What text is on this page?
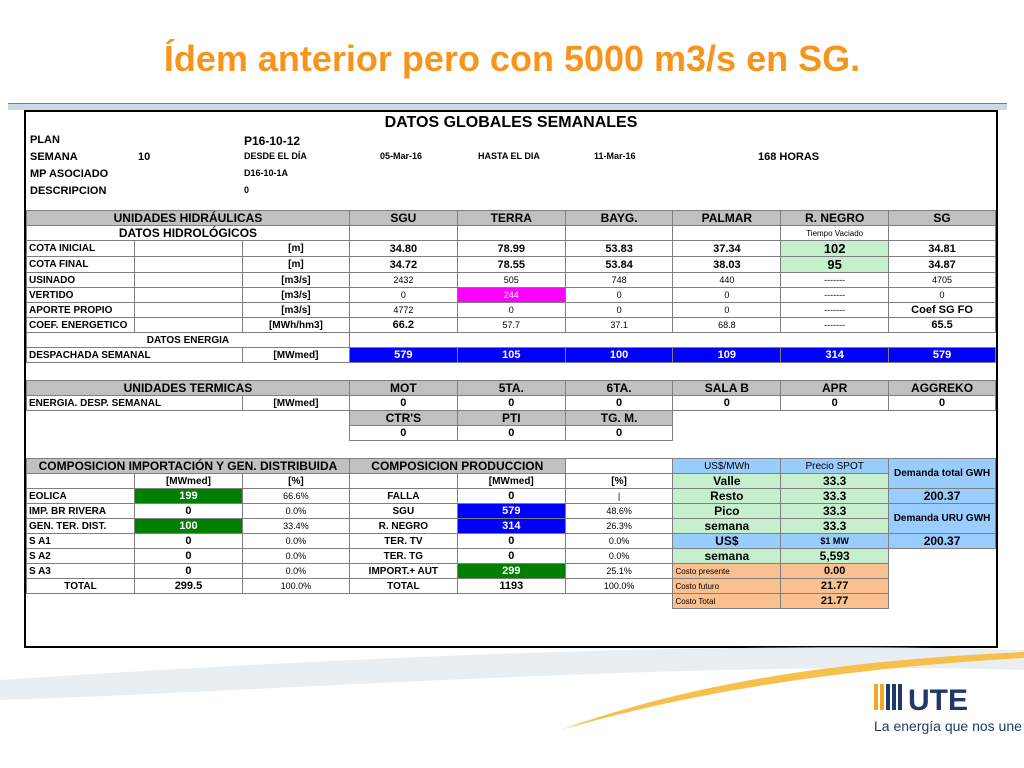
Ídem anterior pero con 5000 m3/s en SG.
DATOS GLOBALES SEMANALES
PLAN	P16-10-12
SEMANA	10	DESDE EL DÍA	05-Mar-16	HASTA EL DIA	11-Mar-16	168 HORAS
MP ASOCIADO	D16-10-1A
DESCRIPCION	0
UNIDADES HIDRÁULICAS			SGU	TERRA	BAYG.	PALMAR	R. NEGRO	SG
DATOS HIDROLÓGICOS							Tiempo Vaciado	
COTA INICIAL		[m]	34.80	78.99	53.83	37.34	102	34.81
COTA FINAL		[m]	34.72	78.55	53.84	38.03	95	34.87
USINADO		[m3/s]	2432	505	748	440	-------	4705
VERTIDO		[m3/s]	0	244	0	0	-------	0
APORTE PROPIO		[m3/s]	4772	0	0	0	-------	Coef SG FO
COEF. ENERGETICO		[MWh/hm3]	66.2	57.7	37.1	68.8	-------	65.5
DATOS ENERGIA								
DESPACHADA SEMANAL		[MWmed]	579	105	100	109	314	579

UNIDADES TERMICAS			MOT	5TA.	6TA.	SALA B	APR	AGGREKO
ENERGIA. DESP. SEMANAL		[MWmed]	0	0	0	0	0	0
			CTR'S	PTI	TG. M.			
			0	0	0			

COMPOSICION IMPORTACIÓN Y GEN. DISTRIBUIDA			COMPOSICION PRODUCCION			US$/MWh	Precio SPOT	Demanda total GWH
	[MWmed]	[%]		[MWmed]	[%]	Valle	33.3	
EOLICA	199	66.6%	FALLA	0	|	Resto	33.3	200.37
IMP. BR RIVERA	0	0.0%	SGU	579	48.6%	Pico	33.3	Demanda URU GWH
GEN. TER. DIST.	100	33.4%	R. NEGRO	314	26.3%	semana	33.3	
S A1	0	0.0%	TER. TV	0	0.0%	US$	$1 MW	200.37
S A2	0	0.0%	TER. TG	0	0.0%	semana	5,593	
S A3	0	0.0%	IMPORT.+ AUT	299	25.1%	Costo presente	0.00	
TOTAL	299.5	100.0%	TOTAL	1193	100.0%	Costo futuro	21.77	
						Costo Total	21.77	
UTE
La energía que nos une
